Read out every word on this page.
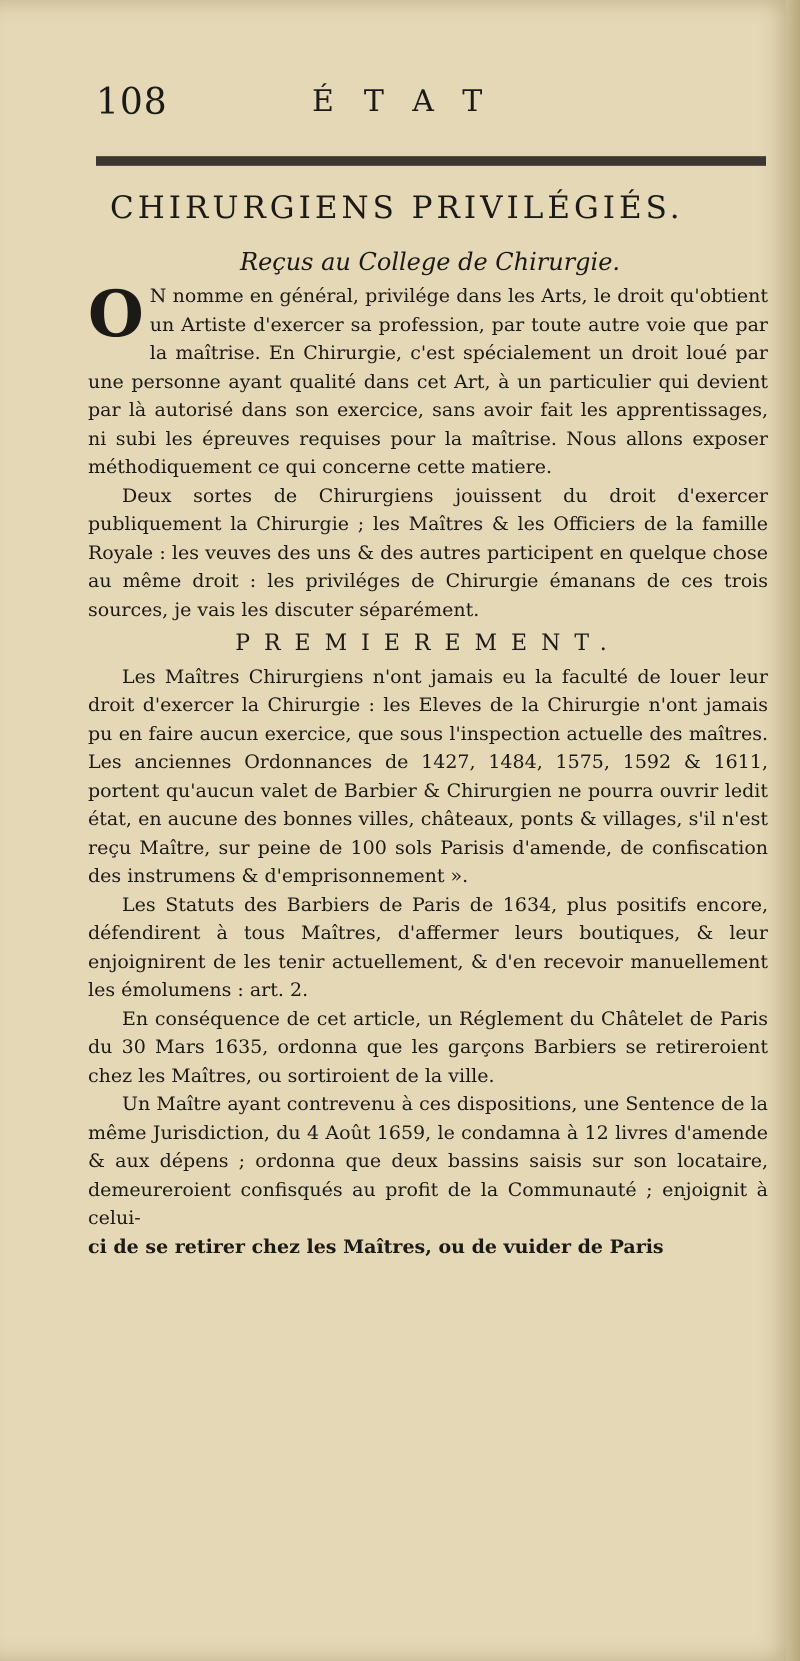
108	ÉTAT
CHIRURGIENS PRIVILÉGIÉS.
Reçus au College de Chirurgie.

O N nomme en général, privilége dans les Arts, le droit qu'obtient un Artiste d'exercer sa profession, par toute autre voie que par la maîtrise. En Chirurgie, c'est spécialement un droit loué par une personne ayant qualité dans cet Art, à un particulier qui devient par là autorisé dans son exercice, sans avoir fait les apprentissages, ni subi les épreuves requises pour la maîtrise. Nous allons exposer méthodiquement ce qui concerne cette matiere.

Deux sortes de Chirurgiens jouissent du droit d'exercer publiquement la Chirurgie ; les Maîtres & les Officiers de la famille Royale : les veuves des uns & des autres participent en quelque chose au même droit : les priviléges de Chirurgie émanans de ces trois sources, je vais les discuter séparément.

PREMIEREMENT.

Les Maîtres Chirurgiens n'ont jamais eu la faculté de louer leur droit d'exercer la Chirurgie : les Eleves de la Chirurgie n'ont jamais pu en faire aucun exercice, que sous l'inspection actuelle des maîtres. Les anciennes Ordonnances de 1427, 1484, 1575, 1592 & 1611, portent qu'aucun valet de Barbier & Chirurgien ne pourra ouvrir ledit état, en aucune des bonnes villes, châteaux, ponts & villages, s'il n'est reçu Maître, sur peine de 100 sols Parisis d'amende, de confiscation des instrumens & d'emprisonnement ».

Les Statuts des Barbiers de Paris de 1634, plus positifs encore, défendirent à tous Maîtres, d'affermer leurs boutiques, & leur enjoignirent de les tenir actuellement, & d'en recevoir manuellement les émolumens : art. 2.

En conséquence de cet article, un Réglement du Châtelet de Paris du 30 Mars 1635, ordonna que les garçons Barbiers se retireroient chez les Maîtres, ou sortiroient de la ville.

Un Maître ayant contrevenu à ces dispositions, une Sentence de la même Jurisdiction, du 4 Août 1659, le condamna à 12 livres d'amende & aux dépens ; ordonna que deux bassins saisis sur son locataire, demeureroient confisqués au profit de la Communauté ; enjoignit à celui-

ci de se retirer chez les Maîtres, ou de vuider de Paris
